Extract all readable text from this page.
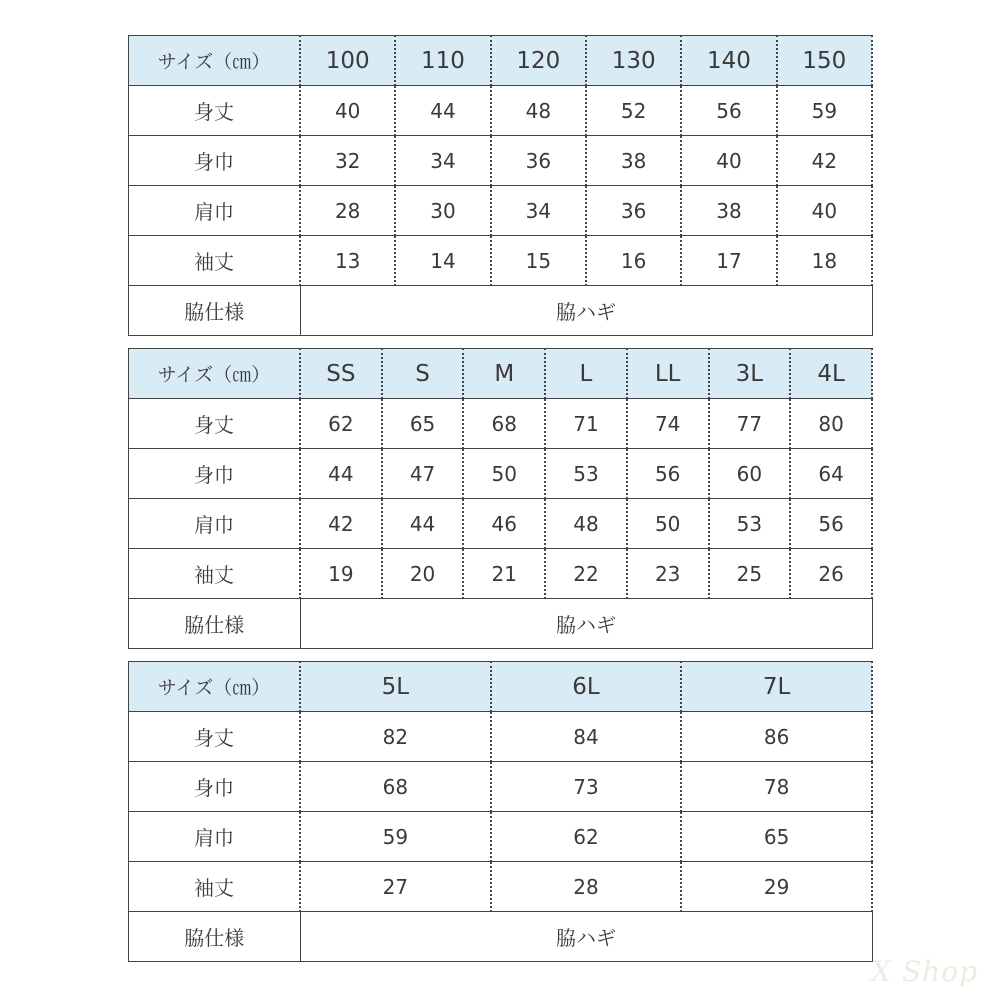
サイズ（㎝）	100	110	120	130	140	150
身丈	40	44	48	52	56	59
身巾	32	34	36	38	40	42
肩巾	28	30	34	36	38	40
袖丈	13	14	15	16	17	18
脇仕様	脇ハギ					
サイズ（㎝）	SS	S	M	L	LL	3L	4L
身丈	62	65	68	71	74	77	80
身巾	44	47	50	53	56	60	64
肩巾	42	44	46	48	50	53	56
袖丈	19	20	21	22	23	25	26
脇仕様	脇ハギ						
サイズ（㎝）	5L	6L	7L
身丈	82	84	86
身巾	68	73	78
肩巾	59	62	65
袖丈	27	28	29
脇仕様	脇ハギ		
X Shop
